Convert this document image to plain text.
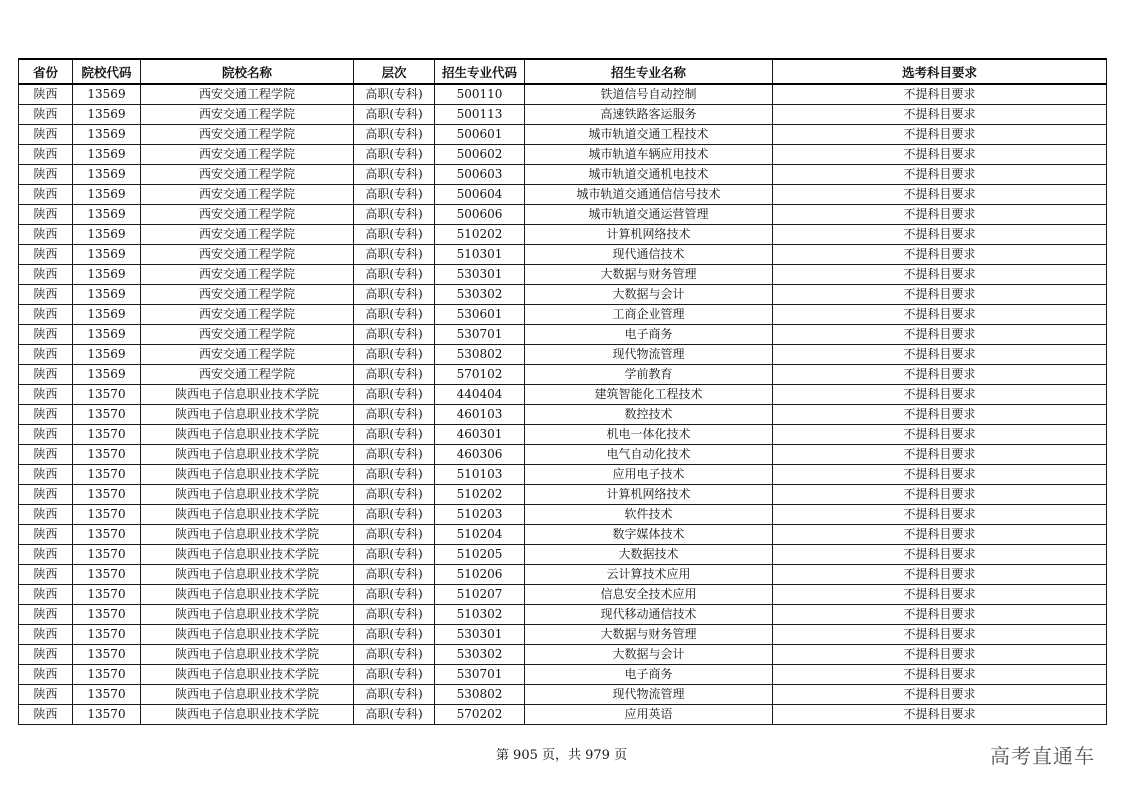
省份	院校代码	院校名称	层次	招生专业代码	招生专业名称	选考科目要求
陕西	13569	西安交通工程学院	高职(专科)	500110	铁道信号自动控制	不提科目要求
陕西	13569	西安交通工程学院	高职(专科)	500113	高速铁路客运服务	不提科目要求
陕西	13569	西安交通工程学院	高职(专科)	500601	城市轨道交通工程技术	不提科目要求
陕西	13569	西安交通工程学院	高职(专科)	500602	城市轨道车辆应用技术	不提科目要求
陕西	13569	西安交通工程学院	高职(专科)	500603	城市轨道交通机电技术	不提科目要求
陕西	13569	西安交通工程学院	高职(专科)	500604	城市轨道交通通信信号技术	不提科目要求
陕西	13569	西安交通工程学院	高职(专科)	500606	城市轨道交通运营管理	不提科目要求
陕西	13569	西安交通工程学院	高职(专科)	510202	计算机网络技术	不提科目要求
陕西	13569	西安交通工程学院	高职(专科)	510301	现代通信技术	不提科目要求
陕西	13569	西安交通工程学院	高职(专科)	530301	大数据与财务管理	不提科目要求
陕西	13569	西安交通工程学院	高职(专科)	530302	大数据与会计	不提科目要求
陕西	13569	西安交通工程学院	高职(专科)	530601	工商企业管理	不提科目要求
陕西	13569	西安交通工程学院	高职(专科)	530701	电子商务	不提科目要求
陕西	13569	西安交通工程学院	高职(专科)	530802	现代物流管理	不提科目要求
陕西	13569	西安交通工程学院	高职(专科)	570102	学前教育	不提科目要求
陕西	13570	陕西电子信息职业技术学院	高职(专科)	440404	建筑智能化工程技术	不提科目要求
陕西	13570	陕西电子信息职业技术学院	高职(专科)	460103	数控技术	不提科目要求
陕西	13570	陕西电子信息职业技术学院	高职(专科)	460301	机电一体化技术	不提科目要求
陕西	13570	陕西电子信息职业技术学院	高职(专科)	460306	电气自动化技术	不提科目要求
陕西	13570	陕西电子信息职业技术学院	高职(专科)	510103	应用电子技术	不提科目要求
陕西	13570	陕西电子信息职业技术学院	高职(专科)	510202	计算机网络技术	不提科目要求
陕西	13570	陕西电子信息职业技术学院	高职(专科)	510203	软件技术	不提科目要求
陕西	13570	陕西电子信息职业技术学院	高职(专科)	510204	数字媒体技术	不提科目要求
陕西	13570	陕西电子信息职业技术学院	高职(专科)	510205	大数据技术	不提科目要求
陕西	13570	陕西电子信息职业技术学院	高职(专科)	510206	云计算技术应用	不提科目要求
陕西	13570	陕西电子信息职业技术学院	高职(专科)	510207	信息安全技术应用	不提科目要求
陕西	13570	陕西电子信息职业技术学院	高职(专科)	510302	现代移动通信技术	不提科目要求
陕西	13570	陕西电子信息职业技术学院	高职(专科)	530301	大数据与财务管理	不提科目要求
陕西	13570	陕西电子信息职业技术学院	高职(专科)	530302	大数据与会计	不提科目要求
陕西	13570	陕西电子信息职业技术学院	高职(专科)	530701	电子商务	不提科目要求
陕西	13570	陕西电子信息职业技术学院	高职(专科)	530802	现代物流管理	不提科目要求
陕西	13570	陕西电子信息职业技术学院	高职(专科)	570202	应用英语	不提科目要求
第 905 页，共 979 页	高考直通车
